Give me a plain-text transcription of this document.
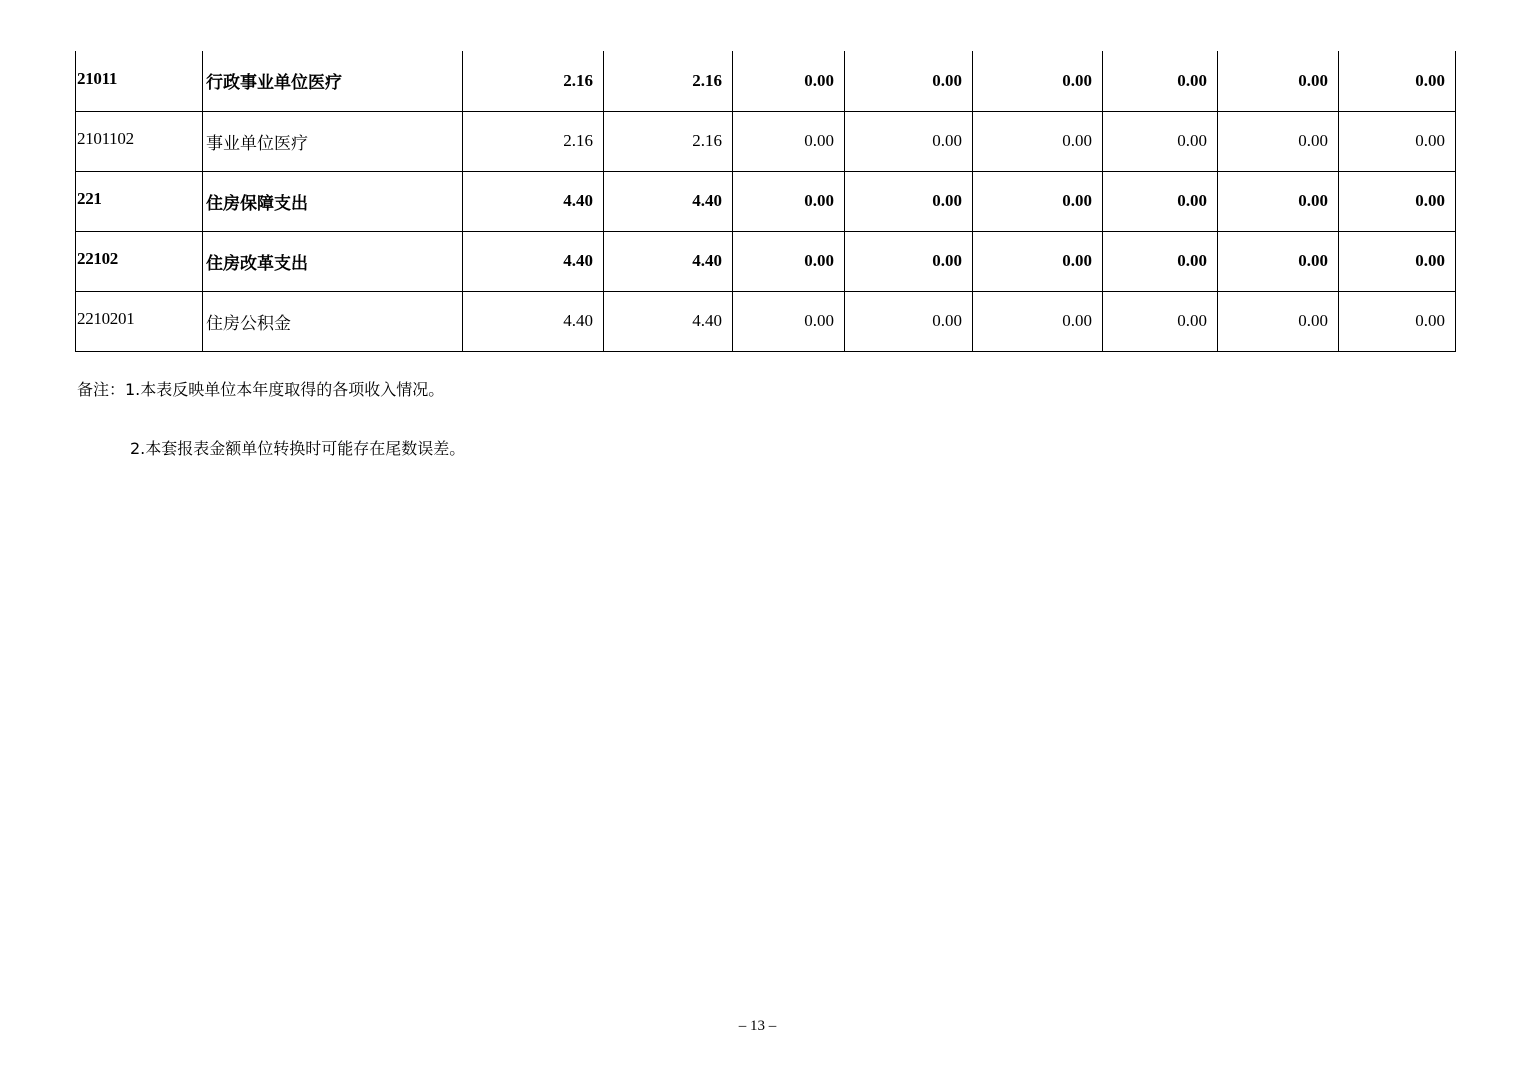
21011	行政事业单位医疗	2.16	2.16	0.00	0.00	0.00	0.00	0.00	0.00
2101102	事业单位医疗	2.16	2.16	0.00	0.00	0.00	0.00	0.00	0.00
221	住房保障支出	4.40	4.40	0.00	0.00	0.00	0.00	0.00	0.00
22102	住房改革支出	4.40	4.40	0.00	0.00	0.00	0.00	0.00	0.00
2210201	住房公积金	4.40	4.40	0.00	0.00	0.00	0.00	0.00	0.00
备注：1.本表反映单位本年度取得的各项收入情况。
2.本套报表金额单位转换时可能存在尾数误差。
– 13 –
